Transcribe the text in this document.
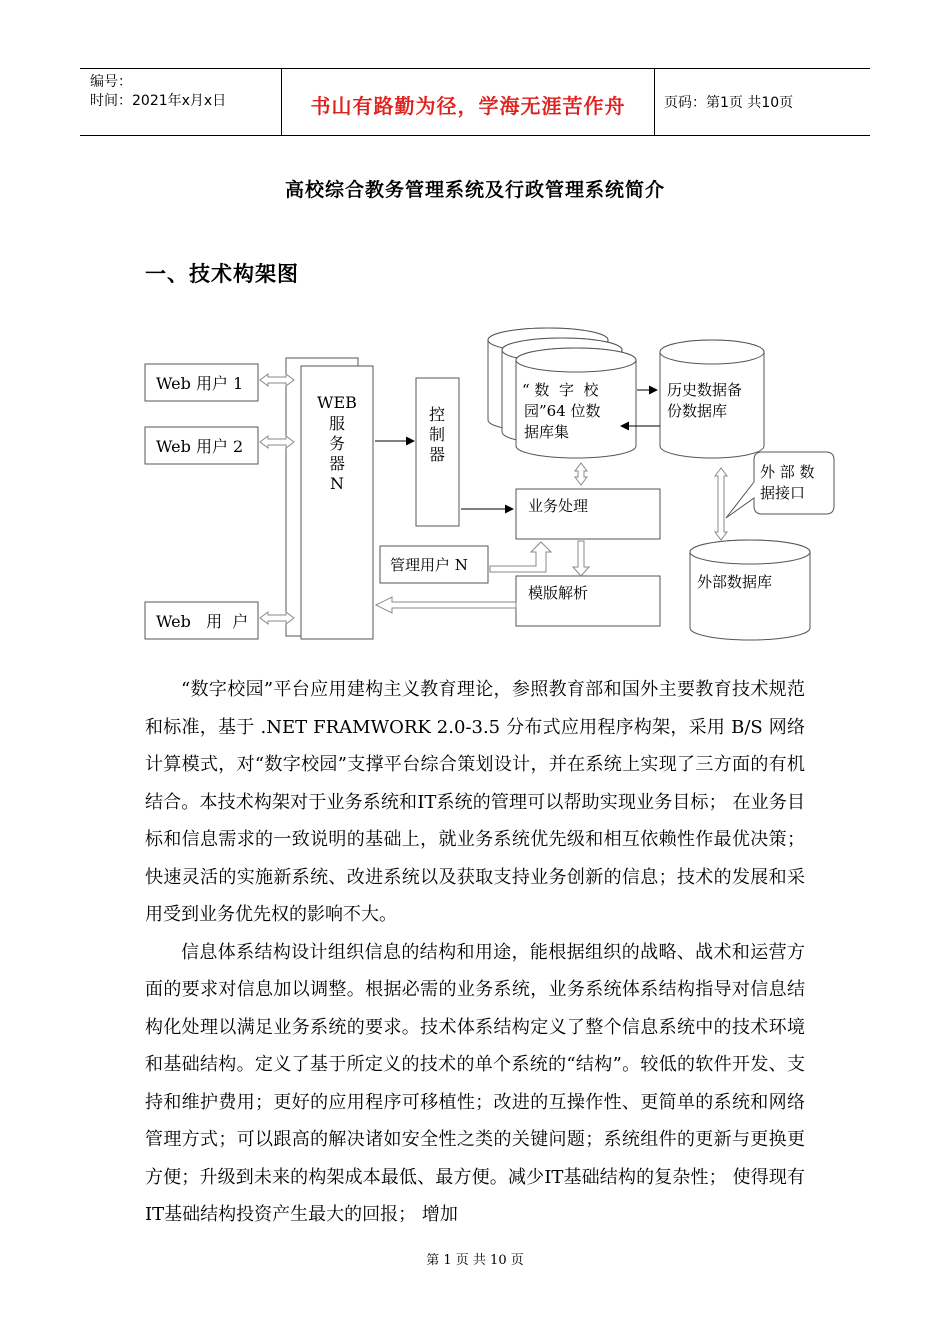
编号：
时间：2021年x月x日	书山有路勤为径，学海无涯苦作舟	页码：第1页 共10页
高校综合教务管理系统及行政管理系统简介
一、技术构架图
Web 用户 1
Web 用户 2
Web   用  户
WEB
服
务
器
N
控
制
器
“ 数  字  校
园”64 位数
据库集
历史数据备
份数据库
外 部 数
据接口
业务处理
管理用户 N
模版解析
外部数据库

“数字校园”平台应用建构主义教育理论，参照教育部和国外主要教育技术规范和标准，基于 .NET FRAMWORK 2.0-3.5 分布式应用程序构架，采用 B/S 网络计算模式，对“数字校园”支撑平台综合策划设计，并在系统上实现了三方面的有机结合。本技术构架对于业务系统和IT系统的管理可以帮助实现业务目标； 在业务目标和信息需求的一致说明的基础上，就业务系统优先级和相互依赖性作最优决策；快速灵活的实施新系统、改进系统以及获取支持业务创新的信息；技术的发展和采用受到业务优先权的影响不大。

信息体系结构设计组织信息的结构和用途，能根据组织的战略、战术和运营方面的要求对信息加以调整。根据必需的业务系统，业务系统体系结构指导对信息结构化处理以满足业务系统的要求。技术体系结构定义了整个信息系统中的技术环境和基础结构。定义了基于所定义的技术的单个系统的“结构”。较低的软件开发、支持和维护费用；更好的应用程序可移植性；改进的互操作性、更简单的系统和网络管理方式；可以跟高的解决诸如安全性之类的关键问题；系统组件的更新与更换更方便；升级到未来的构架成本最低、最方便。减少IT基础结构的复杂性； 使得现有IT基础结构投资产生最大的回报； 增加

第 1 页 共 10 页
